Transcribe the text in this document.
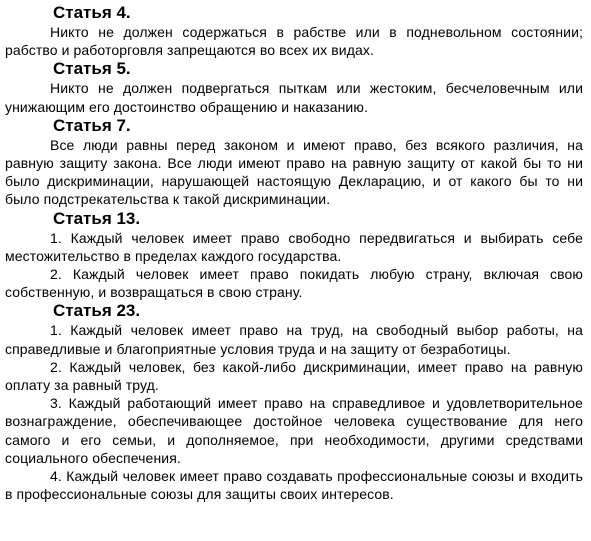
Статья 4.

Никто не должен содержаться в рабстве или в подневольном состоянии; рабство и работорговля запрещаются во всех их видах.

Статья 5.

Никто не должен подвергаться пыткам или жестоким, бесчеловечным или унижающим его достоинство обращению и наказанию.

Статья 7.

Все люди равны перед законом и имеют право, без всякого различия, на равную защиту закона. Все люди имеют право на равную защиту от какой бы то ни было дискриминации, нарушающей настоящую Декларацию, и от какого бы то ни было подстрекательства к такой дискриминации.

Статья 13.

1. Каждый человек имеет право свободно передвигаться и выбирать себе местожительство в пределах каждого государства.

2. Каждый человек имеет право покидать любую страну, включая свою собственную, и возвращаться в свою страну.

Статья 23.

1. Каждый человек имеет право на труд, на свободный выбор работы, на справедливые и благоприятные условия труда и на защиту от безработицы.

2. Каждый человек, без какой-либо дискриминации, имеет право на равную оплату за равный труд.

3. Каждый работающий имеет право на справедливое и удовлетворительное вознаграждение, обеспечивающее достойное человека существование для него самого и его семьи, и дополняемое, при необходимости, другими средствами социального обеспечения.

4. Каждый человек имеет право создавать профессиональные союзы и входить в профессиональные союзы для защиты своих интересов.
